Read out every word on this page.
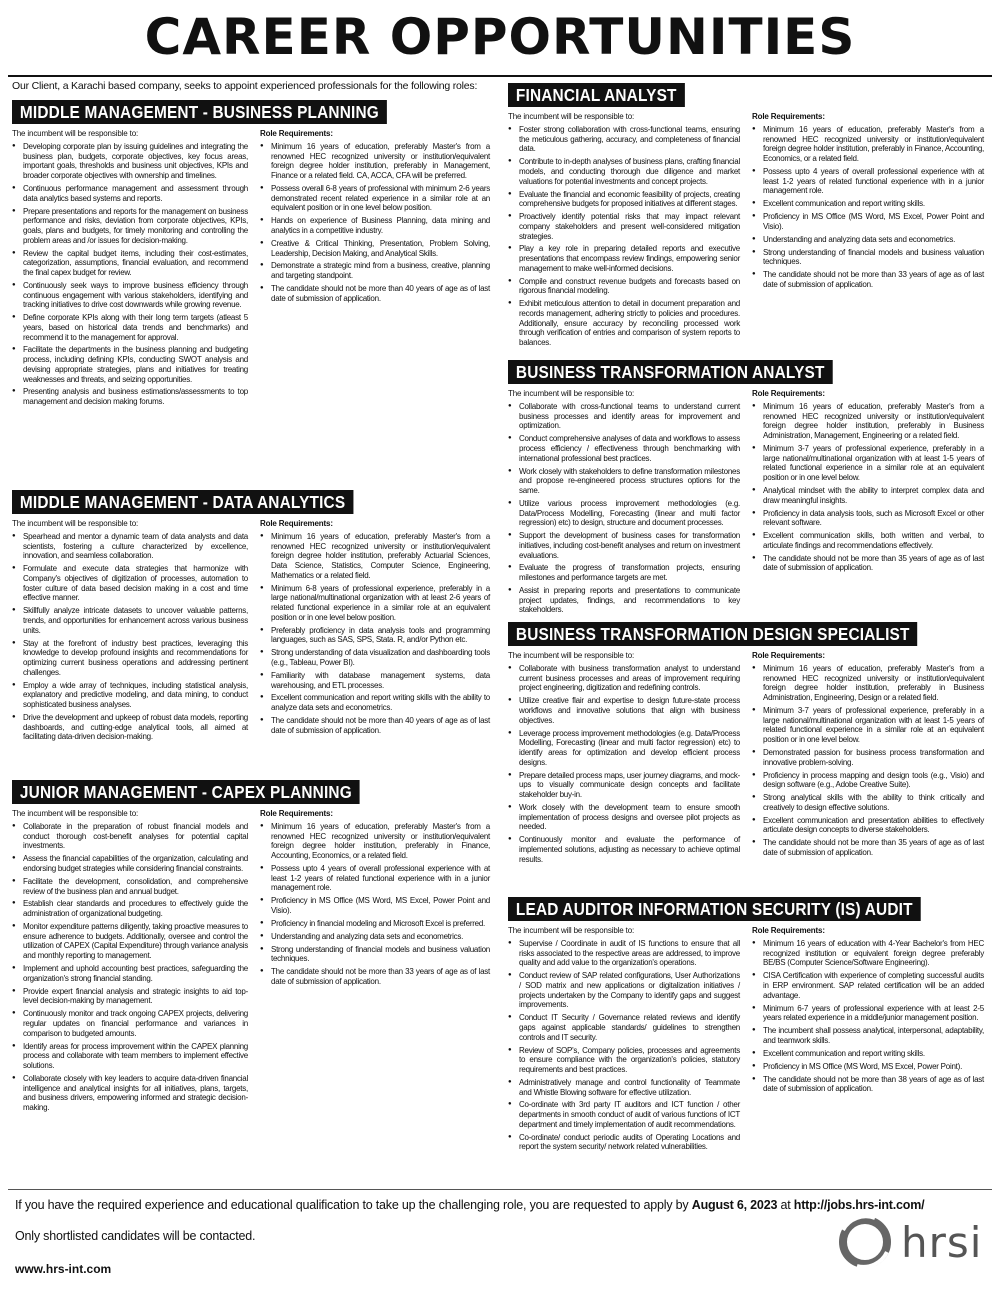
CAREER OPPORTUNITIES
Our Client, a Karachi based company, seeks to appoint experienced professionals for the following roles:
MIDDLE MANAGEMENT - BUSINESS PLANNING
The incumbent will be responsible to:
● Developing corporate plan by issuing guidelines and integrating the business plan, budgets, corporate objectives, key focus areas, important goals, thresholds and business unit objectives, KPIs and broader corporate objectives with ownership and timelines.
● Continuous performance management and assessment through data analytics based systems and reports.
● Prepare presentations and reports for the management on business performance and risks, deviation from corporate objectives, KPIs, goals, plans and budgets, for timely monitoring and controlling the problem areas and /or issues for decision-making.
● Review the capital budget items, including their cost-estimates, categorization, assumptions, financial evaluation, and recommend the final capex budget for review.
● Continuously seek ways to improve business efficiency through continuous engagement with various stakeholders, identifying and tracking initiatives to drive cost downwards while growing revenue.
● Define corporate KPIs along with their long term targets (atleast 5 years, based on historical data trends and benchmarks) and recommend it to the management for approval.
● Facilitate the departments in the business planning and budgeting process, including defining KPIs, conducting SWOT analysis and devising appropriate strategies, plans and initiatives for treating weaknesses and threats, and seizing opportunities.
● Presenting analysis and business estimations/assessments to top management and decision making forums.
Role Requirements:
● Minimum 16 years of education, preferably Master's from a renowned HEC recognized university or institution/equivalent foreign degree holder institution, preferably in Management, Finance or a related field. CA, ACCA, CFA will be preferred.
● Possess overall 6-8 years of professional with minimum 2-6 years demonstrated recent related experience in a similar role at an equivalent position or in one level below position.
● Hands on experience of Business Planning, data mining and analytics in a competitive industry.
● Creative & Critical Thinking, Presentation, Problem Solving, Leadership, Decision Making, and Analytical Skills.
● Demonstrate a strategic mind from a business, creative, planning and targeting standpoint.
● The candidate should not be more than 40 years of age as of last date of submission of application.
MIDDLE MANAGEMENT - DATA ANALYTICS
The incumbent will be responsible to:
● Spearhead and mentor a dynamic team of data analysts and data scientists, fostering a culture characterized by excellence, innovation, and seamless collaboration.
● Formulate and execute data strategies that harmonize with Company's objectives of digitization of processes, automation to foster culture of data based decision making in a cost and time effective manner.
● Skillfully analyze intricate datasets to uncover valuable patterns, trends, and opportunities for enhancement across various business units.
● Stay at the forefront of industry best practices, leveraging this knowledge to develop profound insights and recommendations for optimizing current business operations and addressing pertinent challenges.
● Employ a wide array of techniques, including statistical analysis, explanatory and predictive modeling, and data mining, to conduct sophisticated business analyses.
● Drive the development and upkeep of robust data models, reporting dashboards, and cutting-edge analytical tools, all aimed at facilitating data-driven decision-making.
Role Requirements:
● Minimum 16 years of education, preferably Master's from a renowned HEC recognized university or institution/equivalent foreign degree holder institution, preferably Actuarial Sciences, Data Science, Statistics, Computer Science, Engineering, Mathematics or a related field.
● Minimum 6-8 years of professional experience, preferably in a large national/multinational organization with at least 2-6 years of related functional experience in a similar role at an equivalent position or in one level below position.
● Preferably proficiency in data analysis tools and programming languages, such as SAS, SPS, Stata. R, and/or Python etc.
● Strong understanding of data visualization and dashboarding tools (e.g., Tableau, Power BI).
● Familiarity with database management systems, data warehousing, and ETL processes.
● Excellent communication and report writing skills with the ability to analyze data sets and econometrics.
● The candidate should not be more than 40 years of age as of last date of submission of application.
JUNIOR MANAGEMENT - CAPEX PLANNING
The incumbent will be responsible to:
● Collaborate in the preparation of robust financial models and conduct thorough cost-benefit analyses for potential capital investments.
● Assess the financial capabilities of the organization, calculating and endorsing budget strategies while considering financial constraints.
● Facilitate the development, consolidation, and comprehensive review of the business plan and annual budget.
● Establish clear standards and procedures to effectively guide the administration of organizational budgeting.
● Monitor expenditure patterns diligently, taking proactive measures to ensure adherence to budgets. Additionally, oversee and control the utilization of CAPEX (Capital Expenditure) through variance analysis and monthly reporting to management.
● Implement and uphold accounting best practices, safeguarding the organization's strong financial standing.
● Provide expert financial analysis and strategic insights to aid top-level decision-making by management.
● Continuously monitor and track ongoing CAPEX projects, delivering regular updates on financial performance and variances in comparison to budgeted amounts.
● Identify areas for process improvement within the CAPEX planning process and collaborate with team members to implement effective solutions.
● Collaborate closely with key leaders to acquire data-driven financial intelligence and analytical insights for all initiatives, plans, targets, and business drivers, empowering informed and strategic decision-making.
Role Requirements:
● Minimum 16 years of education, preferably Master's from a renowned HEC recognized university or institution/equivalent foreign degree holder institution, preferably in Finance, Accounting, Economics, or a related field.
● Possess upto 4 years of overall professional experience with at least 1-2 years of related functional experience with in a junior management role.
● Proficiency in MS Office (MS Word, MS Excel, Power Point and Visio).
● Proficiency in financial modeling and Microsoft Excel is preferred.
● Understanding and analyzing data sets and econometrics.
● Strong understanding of financial models and business valuation techniques.
● The candidate should not be more than 33 years of age as of last date of submission of application.
FINANCIAL ANALYST
The incumbent will be responsible to:
● Foster strong collaboration with cross-functional teams, ensuring the meticulous gathering, accuracy, and completeness of financial data.
● Contribute to in-depth analyses of business plans, crafting financial models, and conducting thorough due diligence and market valuations for potential investments and concept projects.
● Evaluate the financial and economic feasibility of projects, creating comprehensive budgets for proposed initiatives at different stages.
● Proactively identify potential risks that may impact relevant company stakeholders and present well-considered mitigation strategies.
● Play a key role in preparing detailed reports and executive presentations that encompass review findings, empowering senior management to make well-informed decisions.
● Compile and construct revenue budgets and forecasts based on rigorous financial modeling.
● Exhibit meticulous attention to detail in document preparation and records management, adhering strictly to policies and procedures. Additionally, ensure accuracy by reconciling processed work through verification of entries and comparison of system reports to balances.
Role Requirements:
● Minimum 16 years of education, preferably Master's from a renowned HEC recognized university or institution/equivalent foreign degree holder institution, preferably in Finance, Accounting, Economics, or a related field.
● Possess upto 4 years of overall professional experience with at least 1-2 years of related functional experience with in a junior management role.
● Excellent communication and report writing skills.
● Proficiency in MS Office (MS Word, MS Excel, Power Point and Visio).
● Understanding and analyzing data sets and econometrics.
● Strong understanding of financial models and business valuation techniques.
● The candidate should not be more than 33 years of age as of last date of submission of application.
BUSINESS TRANSFORMATION ANALYST
The incumbent will be responsible to:
● Collaborate with cross-functional teams to understand current business processes and identify areas for improvement and optimization.
● Conduct comprehensive analyses of data and workflows to assess process efficiency / effectiveness through benchmarking with international professional best practices.
● Work closely with stakeholders to define transformation milestones and propose re-engineered process structures options for the same.
● Utilize various process improvement methodologies (e.g. Data/Process Modelling, Forecasting (linear and multi factor regression) etc) to design, structure and document processes.
● Support the development of business cases for transformation initiatives, including cost-benefit analyses and return on investment evaluations.
● Evaluate the progress of transformation projects, ensuring milestones and performance targets are met.
● Assist in preparing reports and presentations to communicate project updates, findings, and recommendations to key stakeholders.
Role Requirements:
● Minimum 16 years of education, preferably Master's from a renowned HEC recognized university or institution/equivalent foreign degree holder institution, preferably in Business Administration, Management, Engineering or a related field.
● Minimum 3-7 years of professional experience, preferably in a large national/multinational organization with at least 1-5 years of related functional experience in a similar role at an equivalent position or in one level below.
● Analytical mindset with the ability to interpret complex data and draw meaningful insights.
● Proficiency in data analysis tools, such as Microsoft Excel or other relevant software.
● Excellent communication skills, both written and verbal, to articulate findings and recommendations effectively.
● The candidate should not be more than 35 years of age as of last date of submission of application.
BUSINESS TRANSFORMATION DESIGN SPECIALIST
The incumbent will be responsible to:
● Collaborate with business transformation analyst to understand current business processes and areas of improvement requiring project engineering, digitization and redefining controls.
● Utilize creative flair and expertise to design future-state process workflows and innovative solutions that align with business objectives.
● Leverage process improvement methodologies (e.g. Data/Process Modelling, Forecasting (linear and multi factor regression) etc) to identify areas for optimization and develop efficient process designs.
● Prepare detailed process maps, user journey diagrams, and mock-ups to visually communicate design concepts and facilitate stakeholder buy-in.
● Work closely with the development team to ensure smooth implementation of process designs and oversee pilot projects as needed.
● Continuously monitor and evaluate the performance of implemented solutions, adjusting as necessary to achieve optimal results.
Role Requirements:
● Minimum 16 years of education, preferably Master's from a renowned HEC recognized university or institution/equivalent foreign degree holder institution, preferably in Business Administration, Engineering, Design or a related field.
● Minimum 3-7 years of professional experience, preferably in a large national/multinational organization with at least 1-5 years of related functional experience in a similar role at an equivalent position or in one level below.
● Demonstrated passion for business process transformation and innovative problem-solving.
● Proficiency in process mapping and design tools (e.g., Visio) and design software (e.g., Adobe Creative Suite).
● Strong analytical skills with the ability to think critically and creatively to design effective solutions.
● Excellent communication and presentation abilities to effectively articulate design concepts to diverse stakeholders.
● The candidate should not be more than 35 years of age as of last date of submission of application.
LEAD AUDITOR INFORMATION SECURITY (IS) AUDIT
The incumbent will be responsible to:
● Supervise / Coordinate in audit of IS functions to ensure that all risks associated to the respective areas are addressed, to improve quality and add value to the organization's operations.
● Conduct review of SAP related configurations, User Authorizations / SOD matrix and new applications or digitalization initiatives / projects undertaken by the Company to identify gaps and suggest improvements.
● Conduct IT Security / Governance related reviews and identify gaps against applicable standards/ guidelines to strengthen controls and IT security.
● Review of SOP's, Company policies, processes and agreements to ensure compliance with the organization's policies, statutory requirements and best practices.
● Administratively manage and control functionality of Teammate and Whistle Blowing software for effective utilization.
● Co-ordinate with 3rd party IT auditors and ICT function / other departments in smooth conduct of audit of various functions of ICT department and timely implementation of audit recommendations.
● Co-ordinate/ conduct periodic audits of Operating Locations and report the system security/ network related vulnerabilities.
Role Requirements:
● Minimum 16 years of education with 4-Year Bachelor's from HEC recognized institution or equivalent foreign degree preferably BE/BS (Computer Science/Software Engineering).
● CISA Certification with experience of completing successful audits in ERP environment. SAP related certification will be an added advantage.
● Minimum 6-7 years of professional experience with at least 2-5 years related experience in a middle/junior management position.
● The incumbent shall possess analytical, interpersonal, adaptability, and teamwork skills.
● Excellent communication and report writing skills.
● Proficiency in MS Office (MS Word, MS Excel, Power Point).
● The candidate should not be more than 38 years of age as of last date of submission of application.
If you have the required experience and educational qualification to take up the challenging role, you are requested to apply by August 6, 2023 at http://jobs.hrs-int.com/
Only shortlisted candidates will be contacted.
www.hrs-int.com
hrsi
